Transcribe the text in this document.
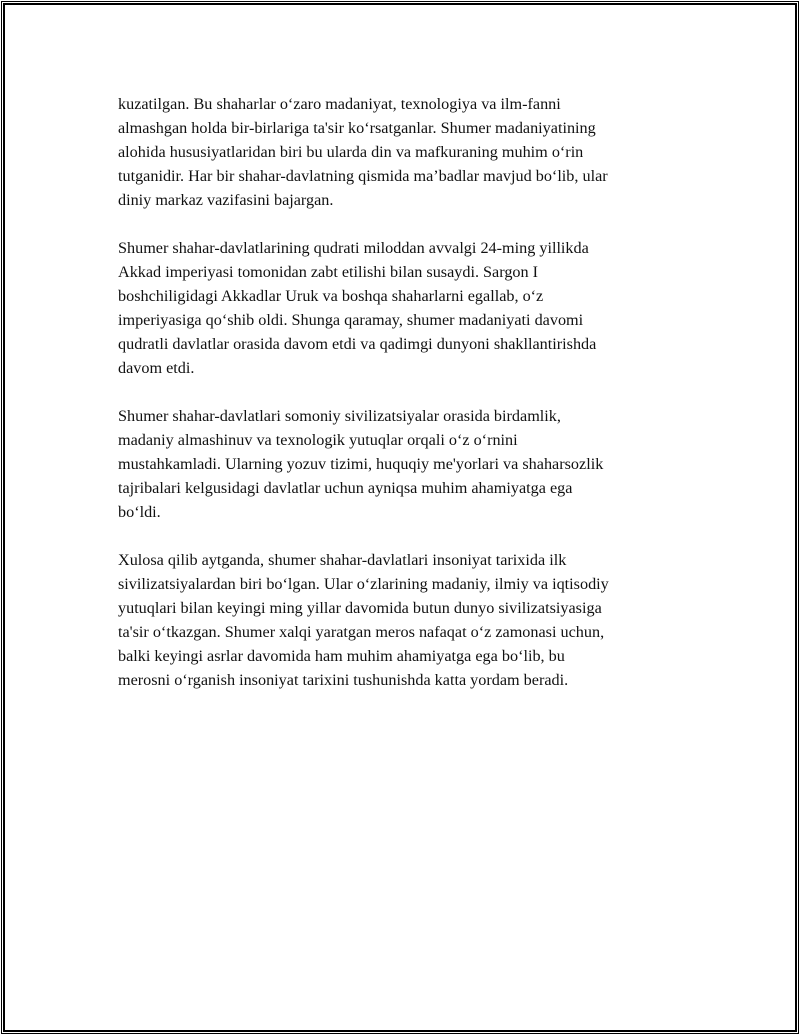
kuzatilgan. Bu shaharlar o‘zaro madaniyat, texnologiya va ilm-fanni
almashgan holda bir-birlariga ta'sir ko‘rsatganlar. Shumer madaniyatining
alohida hususiyatlaridan biri bu ularda din va mafkuraning muhim o‘rin
tutganidir. Har bir shahar-davlatning qismida ma’badlar mavjud bo‘lib, ular
diniy markaz vazifasini bajargan.

Shumer shahar-davlatlarining qudrati miloddan avvalgi 24-ming yillikda
Akkad imperiyasi tomonidan zabt etilishi bilan susaydi. Sargon I
boshchiligidagi Akkadlar Uruk va boshqa shaharlarni egallab, o‘z
imperiyasiga qo‘shib oldi. Shunga qaramay, shumer madaniyati davomi
qudratli davlatlar orasida davom etdi va qadimgi dunyoni shakllantirishda
davom etdi.

Shumer shahar-davlatlari somoniy sivilizatsiyalar orasida birdamlik,
madaniy almashinuv va texnologik yutuqlar orqali o‘z o‘rnini
mustahkamladi. Ularning yozuv tizimi, huquqiy me'yorlari va shaharsozlik
tajribalari kelgusidagi davlatlar uchun ayniqsa muhim ahamiyatga ega
bo‘ldi.

Xulosa qilib aytganda, shumer shahar-davlatlari insoniyat tarixida ilk
sivilizatsiyalardan biri bo‘lgan. Ular o‘zlarining madaniy, ilmiy va iqtisodiy
yutuqlari bilan keyingi ming yillar davomida butun dunyo sivilizatsiyasiga
ta'sir o‘tkazgan. Shumer xalqi yaratgan meros nafaqat o‘z zamonasi uchun,
balki keyingi asrlar davomida ham muhim ahamiyatga ega bo‘lib, bu
merosni o‘rganish insoniyat tarixini tushunishda katta yordam beradi.
